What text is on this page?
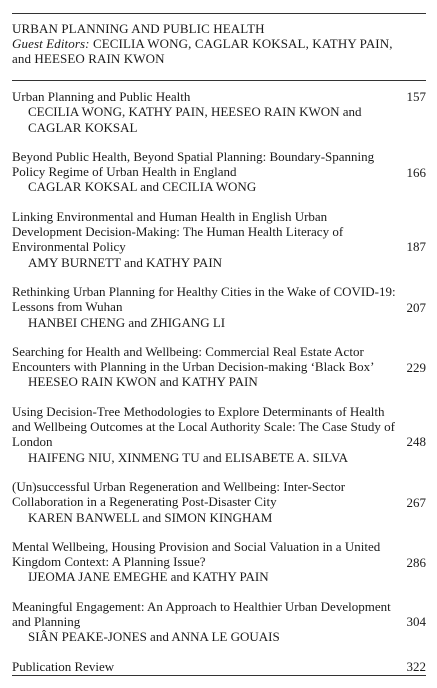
URBAN PLANNING AND PUBLIC HEALTH
Guest Editors: CECILIA WONG, CAGLAR KOKSAL, KATHY PAIN,
and HEESEO RAIN KWON
Urban Planning and Public Health
CECILIA WONG, KATHY PAIN, HEESEO RAIN KWON and
CAGLAR KOKSAL
157
Beyond Public Health, Beyond Spatial Planning: Boundary-Spanning Policy Regime of Urban Health in England
CAGLAR KOKSAL and CECILIA WONG
166
Linking Environmental and Human Health in English Urban Development Decision-Making: The Human Health Literacy of Environmental Policy
AMY BURNETT and KATHY PAIN
187
Rethinking Urban Planning for Healthy Cities in the Wake of COVID-19: Lessons from Wuhan
HANBEI CHENG and ZHIGANG LI
207
Searching for Health and Wellbeing: Commercial Real Estate Actor Encounters with Planning in the Urban Decision-making ‘Black Box’
HEESEO RAIN KWON and KATHY PAIN
229
Using Decision-Tree Methodologies to Explore Determinants of Health and Wellbeing Outcomes at the Local Authority Scale: The Case Study of London
HAIFENG NIU, XINMENG TU and ELISABETE A. SILVA
248
(Un)successful Urban Regeneration and Wellbeing: Inter-Sector Collaboration in a Regenerating Post-Disaster City
KAREN BANWELL and SIMON KINGHAM
267
Mental Wellbeing, Housing Provision and Social Valuation in a United Kingdom Context: A Planning Issue?
IJEOMA JANE EMEGHE and KATHY PAIN
286
Meaningful Engagement: An Approach to Healthier Urban Development and Planning
SIÂN PEAKE-JONES and ANNA LE GOUAIS
304
Publication Review	322
